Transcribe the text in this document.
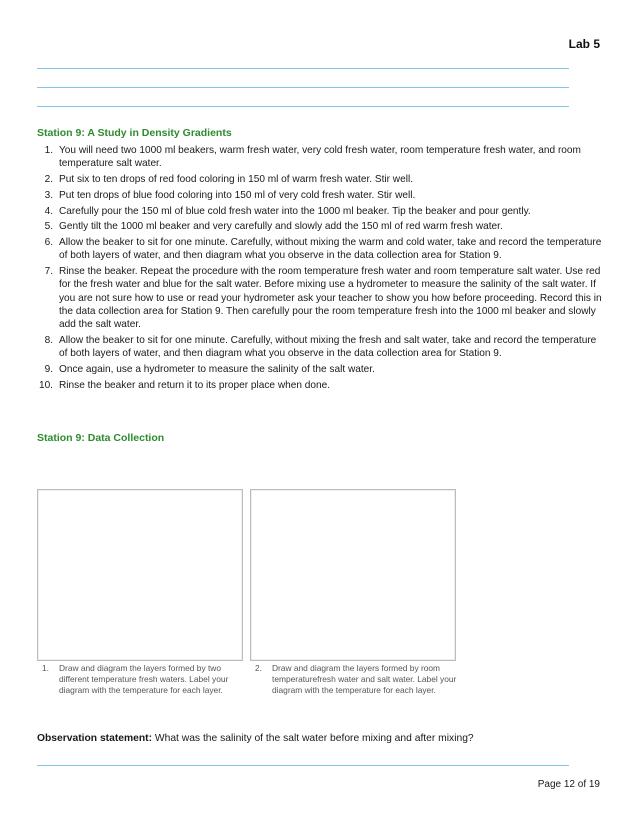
Lab 5
Station 9: A Study in Density Gradients
1. You will need two 1000 ml beakers, warm fresh water, very cold fresh water, room temperature fresh water, and room temperature salt water.
2. Put six to ten drops of red food coloring in 150 ml of warm fresh water. Stir well.
3. Put ten drops of blue food coloring into 150 ml of very cold fresh water. Stir well.
4. Carefully pour the 150 ml of blue cold fresh water into the 1000 ml beaker. Tip the beaker and pour gently.
5. Gently tilt the 1000 ml beaker and very carefully and slowly add the 150 ml of red warm fresh water.
6. Allow the beaker to sit for one minute. Carefully, without mixing the warm and cold water, take and record the temperature of both layers of water, and then diagram what you observe in the data collection area for Station 9.
7. Rinse the beaker. Repeat the procedure with the room temperature fresh water and room temperature salt water. Use red for the fresh water and blue for the salt water. Before mixing use a hydrometer to measure the salinity of the salt water. If you are not sure how to use or read your hydrometer ask your teacher to show you how before proceeding. Record this in the data collection area for Station 9. Then carefully pour the room temperature fresh into the 1000 ml beaker and slowly add the salt water.
8. Allow the beaker to sit for one minute. Carefully, without mixing the fresh and salt water, take and record the temperature of both layers of water, and then diagram what you observe in the data collection area for Station 9.
9. Once again, use a hydrometer to measure the salinity of the salt water.
10. Rinse the beaker and return it to its proper place when done.
Station 9: Data Collection
1. Draw and diagram the layers formed by two different temperature fresh waters. Label your diagram with the temperature for each layer.
2. Draw and diagram the layers formed by room temperaturefresh water and salt water. Label your diagram with the temperature for each layer.
Observation statement: What was the salinity of the salt water before mixing and after mixing?
Page 12 of 19
